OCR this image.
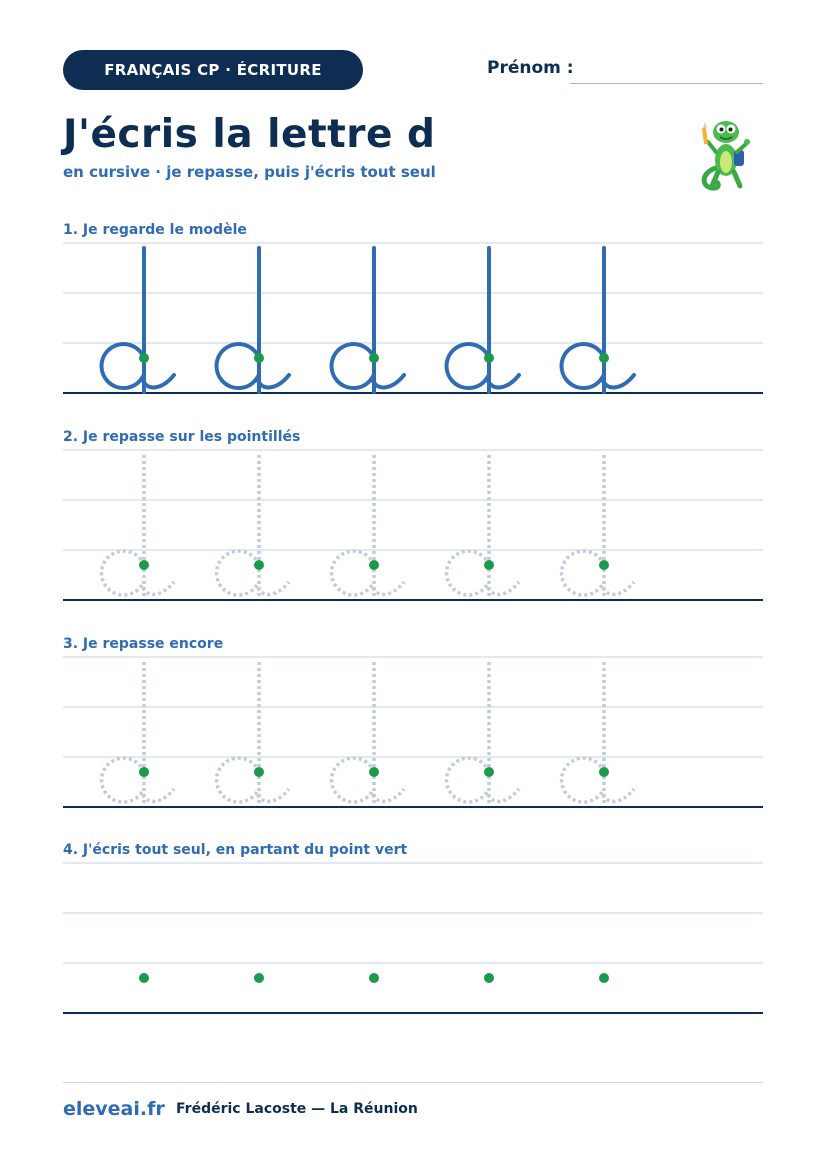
FRANÇAIS CP · ÉCRITURE	Prénom :
J'écris la lettre d
en cursive · je repasse, puis j'écris tout seul
1. Je regarde le modèle
2. Je repasse sur les pointillés
3. Je repasse encore
4. J'écris tout seul, en partant du point vert
eleveai.fr Frédéric Lacoste — La Réunion
